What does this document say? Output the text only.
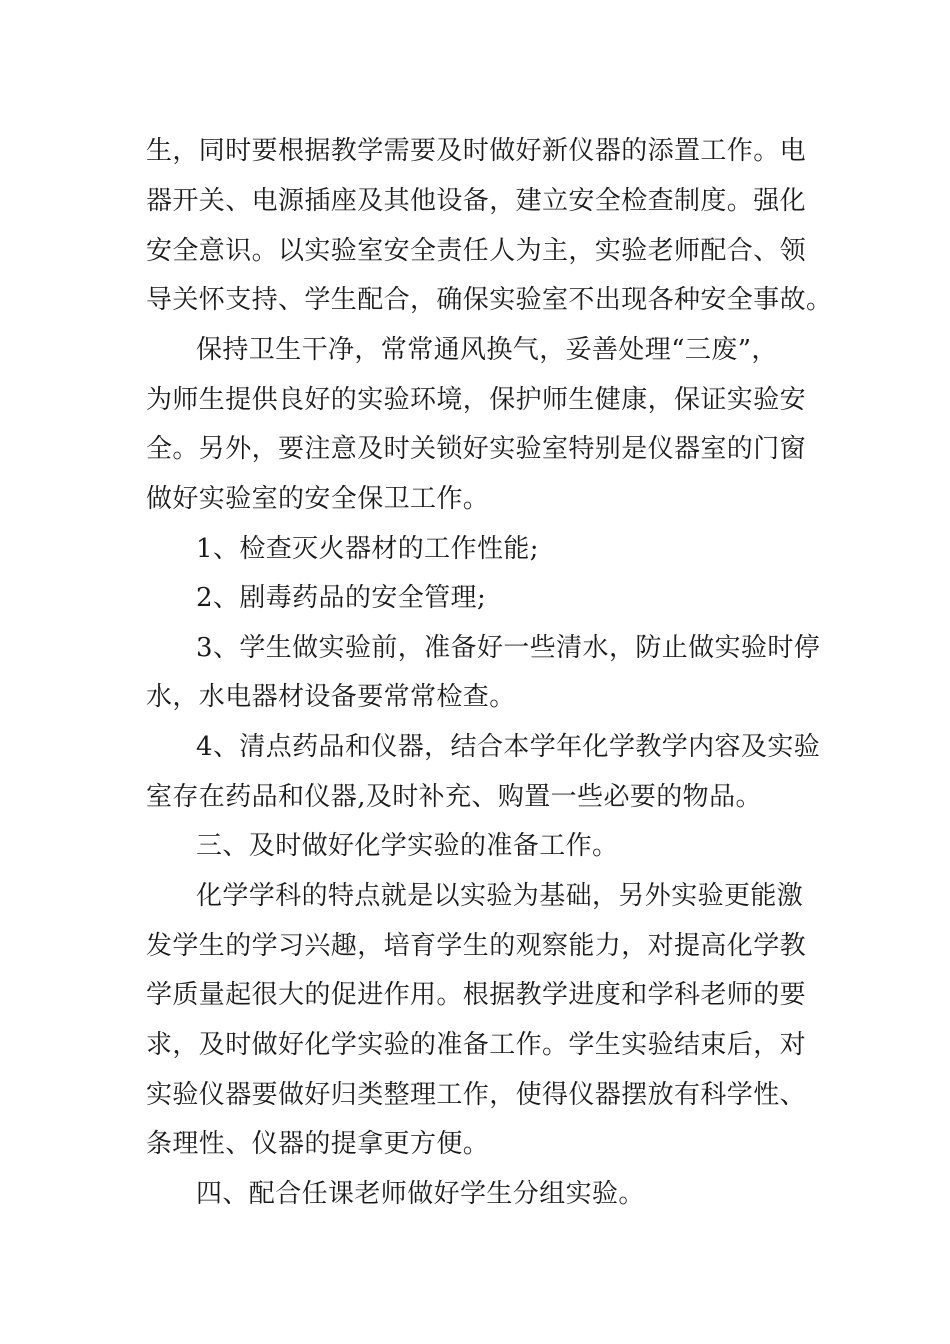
生，同时要根据教学需要及时做好新仪器的添置工作。电
器开关、电源插座及其他设备，建立安全检查制度。强化
安全意识。以实验室安全责任人为主，实验老师配合、领
导关怀支持、学生配合，确保实验室不出现各种安全事故。
保持卫生干净，常常通风换气，妥善处理“三废”，
为师生提供良好的实验环境，保护师生健康，保证实验安
全。另外，要注意及时关锁好实验室特别是仪器室的门窗
做好实验室的安全保卫工作。
1、检查灭火器材的工作性能;
2、剧毒药品的安全管理;
3、学生做实验前，准备好一些清水，防止做实验时停
水，水电器材设备要常常检查。
4、清点药品和仪器，结合本学年化学教学内容及实验
室存在药品和仪器,及时补充、购置一些必要的物品。
三、及时做好化学实验的准备工作。
化学学科的特点就是以实验为基础，另外实验更能激
发学生的学习兴趣，培育学生的观察能力，对提高化学教
学质量起很大的促进作用。根据教学进度和学科老师的要
求，及时做好化学实验的准备工作。学生实验结束后，对
实验仪器要做好归类整理工作，使得仪器摆放有科学性、
条理性、仪器的提拿更方便。
四、配合任课老师做好学生分组实验。
